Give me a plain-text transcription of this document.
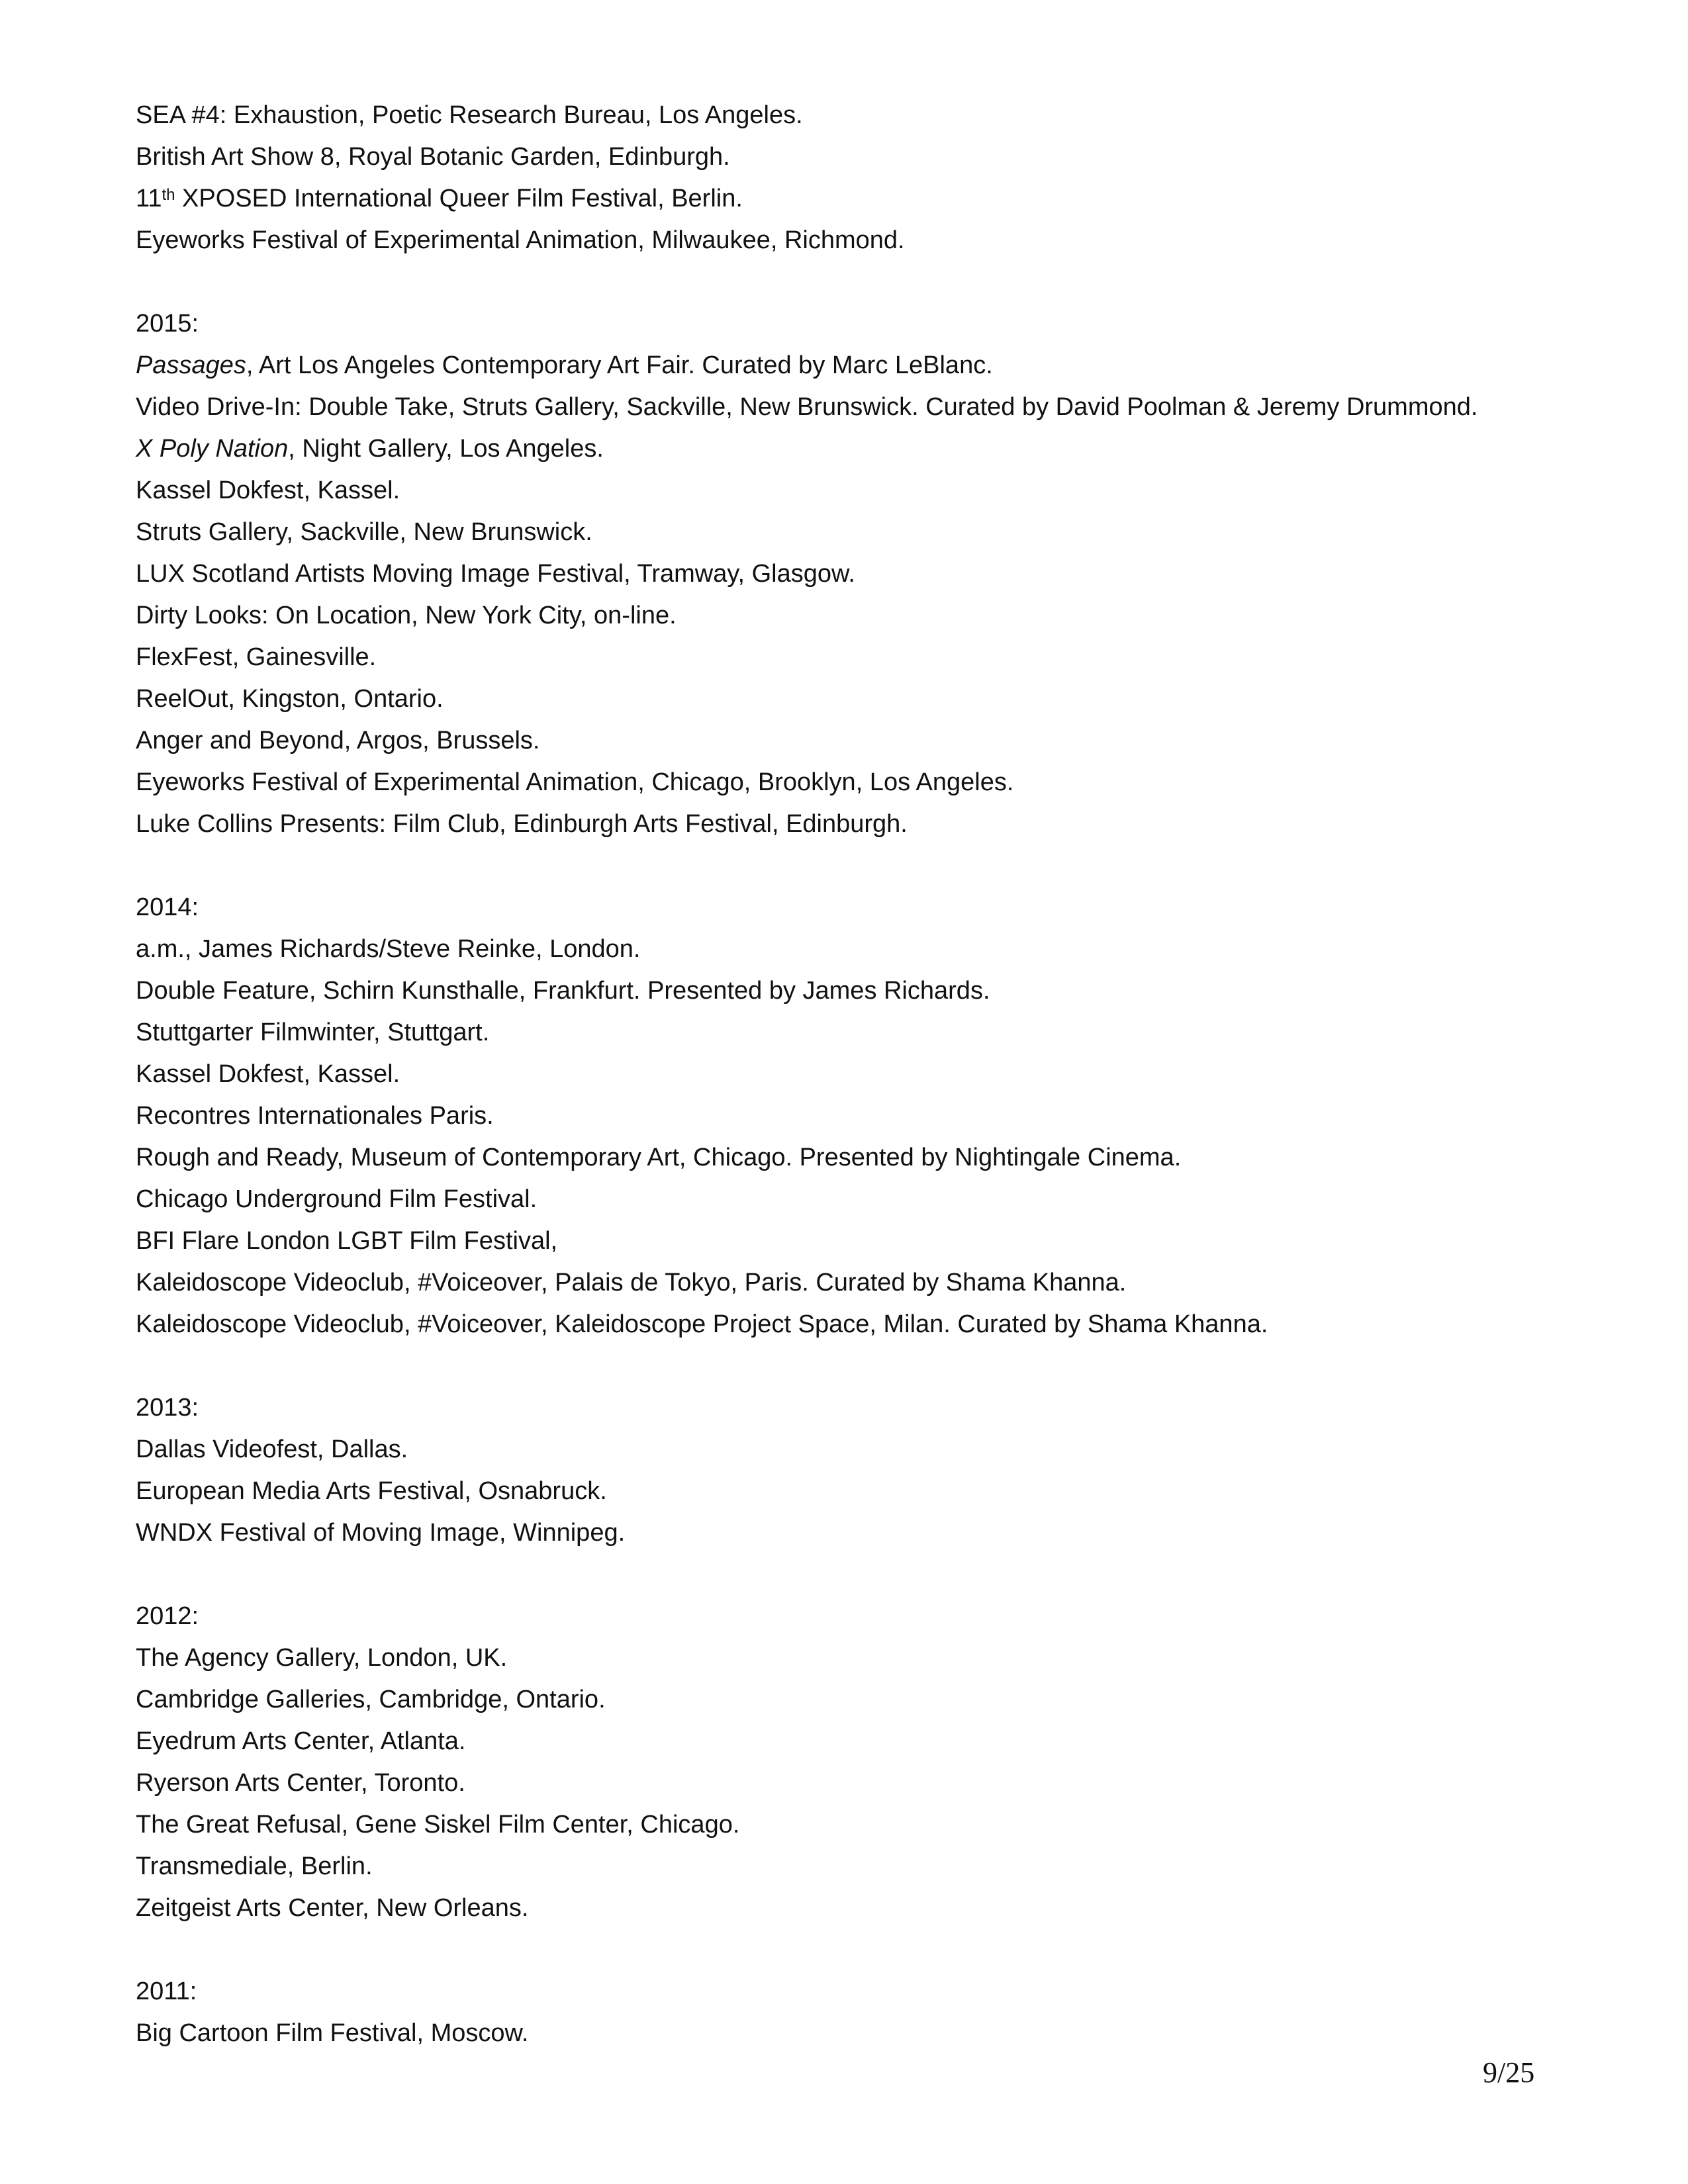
SEA #4: Exhaustion, Poetic Research Bureau, Los Angeles.
British Art Show 8, Royal Botanic Garden, Edinburgh.
11th XPOSED International Queer Film Festival, Berlin.
Eyeworks Festival of Experimental Animation, Milwaukee, Richmond.
2015:
Passages, Art Los Angeles Contemporary Art Fair. Curated by Marc LeBlanc.
Video Drive-In: Double Take, Struts Gallery, Sackville, New Brunswick. Curated by David Poolman & Jeremy Drummond.
X Poly Nation, Night Gallery, Los Angeles.
Kassel Dokfest, Kassel.
Struts Gallery, Sackville, New Brunswick.
LUX Scotland Artists Moving Image Festival, Tramway, Glasgow.
Dirty Looks: On Location, New York City, on-line.
FlexFest, Gainesville.
ReelOut, Kingston, Ontario.
Anger and Beyond, Argos, Brussels.
Eyeworks Festival of Experimental Animation, Chicago, Brooklyn, Los Angeles.
Luke Collins Presents: Film Club, Edinburgh Arts Festival, Edinburgh.
2014:
a.m., James Richards/Steve Reinke, London.
Double Feature, Schirn Kunsthalle, Frankfurt. Presented by James Richards.
Stuttgarter Filmwinter, Stuttgart.
Kassel Dokfest, Kassel.
Recontres Internationales Paris.
Rough and Ready, Museum of Contemporary Art, Chicago. Presented by Nightingale Cinema.
Chicago Underground Film Festival.
BFI Flare London LGBT Film Festival,
Kaleidoscope Videoclub, #Voiceover, Palais de Tokyo, Paris. Curated by Shama Khanna.
Kaleidoscope Videoclub, #Voiceover, Kaleidoscope Project Space, Milan. Curated by Shama Khanna.
2013:
Dallas Videofest, Dallas.
European Media Arts Festival, Osnabruck.
WNDX Festival of Moving Image, Winnipeg.
2012:
The Agency Gallery, London, UK.
Cambridge Galleries, Cambridge, Ontario.
Eyedrum Arts Center, Atlanta.
Ryerson Arts Center, Toronto.
The Great Refusal, Gene Siskel Film Center, Chicago.
Transmediale, Berlin.
Zeitgeist Arts Center, New Orleans.
2011:
Big Cartoon Film Festival, Moscow.
9/25
